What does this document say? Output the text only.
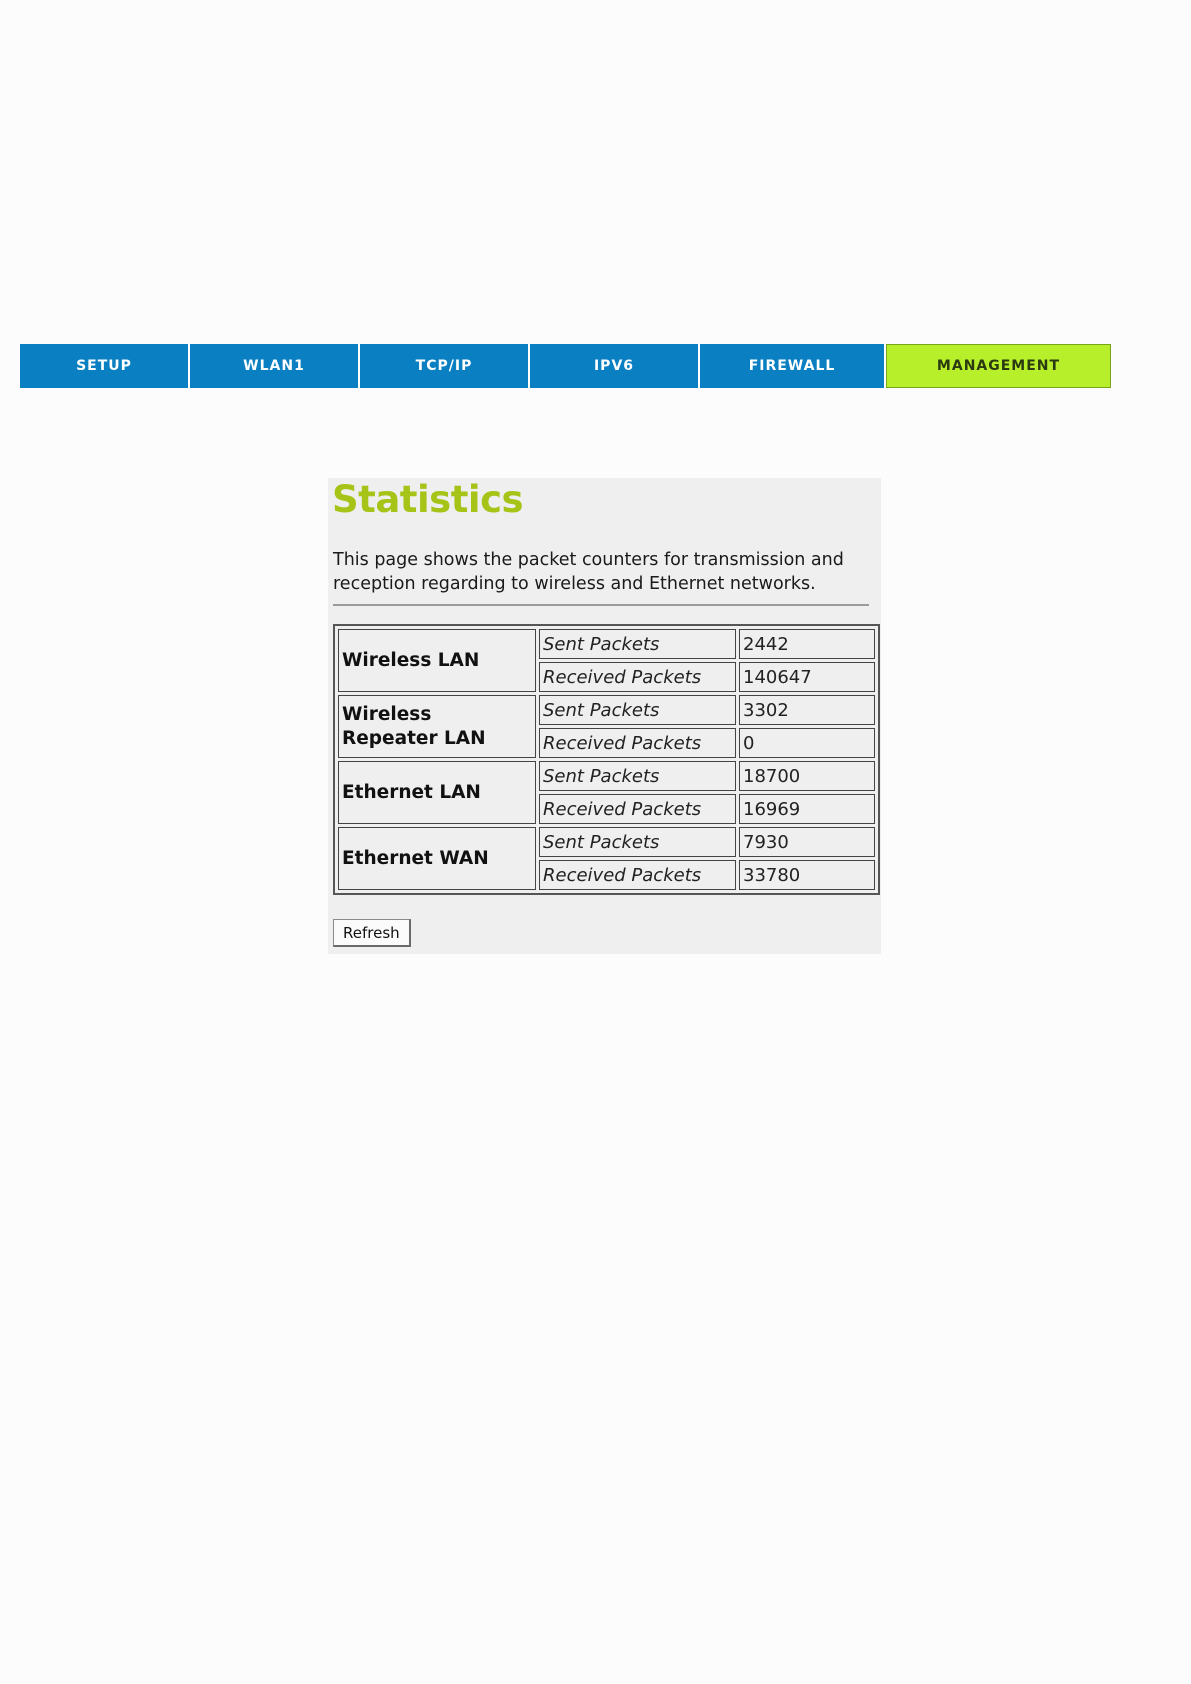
SETUP	WLAN1	TCP/IP	IPV6	FIREWALL	MANAGEMENT
Statistics

This page shows the packet counters for transmission and reception regarding to wireless and Ethernet networks.

Wireless LAN	Sent Packets	2442
	Received Packets	140647
Wireless Repeater LAN	Sent Packets	3302
	Received Packets	0
Ethernet LAN	Sent Packets	18700
	Received Packets	16969
Ethernet WAN	Sent Packets	7930
	Received Packets	33780
Refresh
